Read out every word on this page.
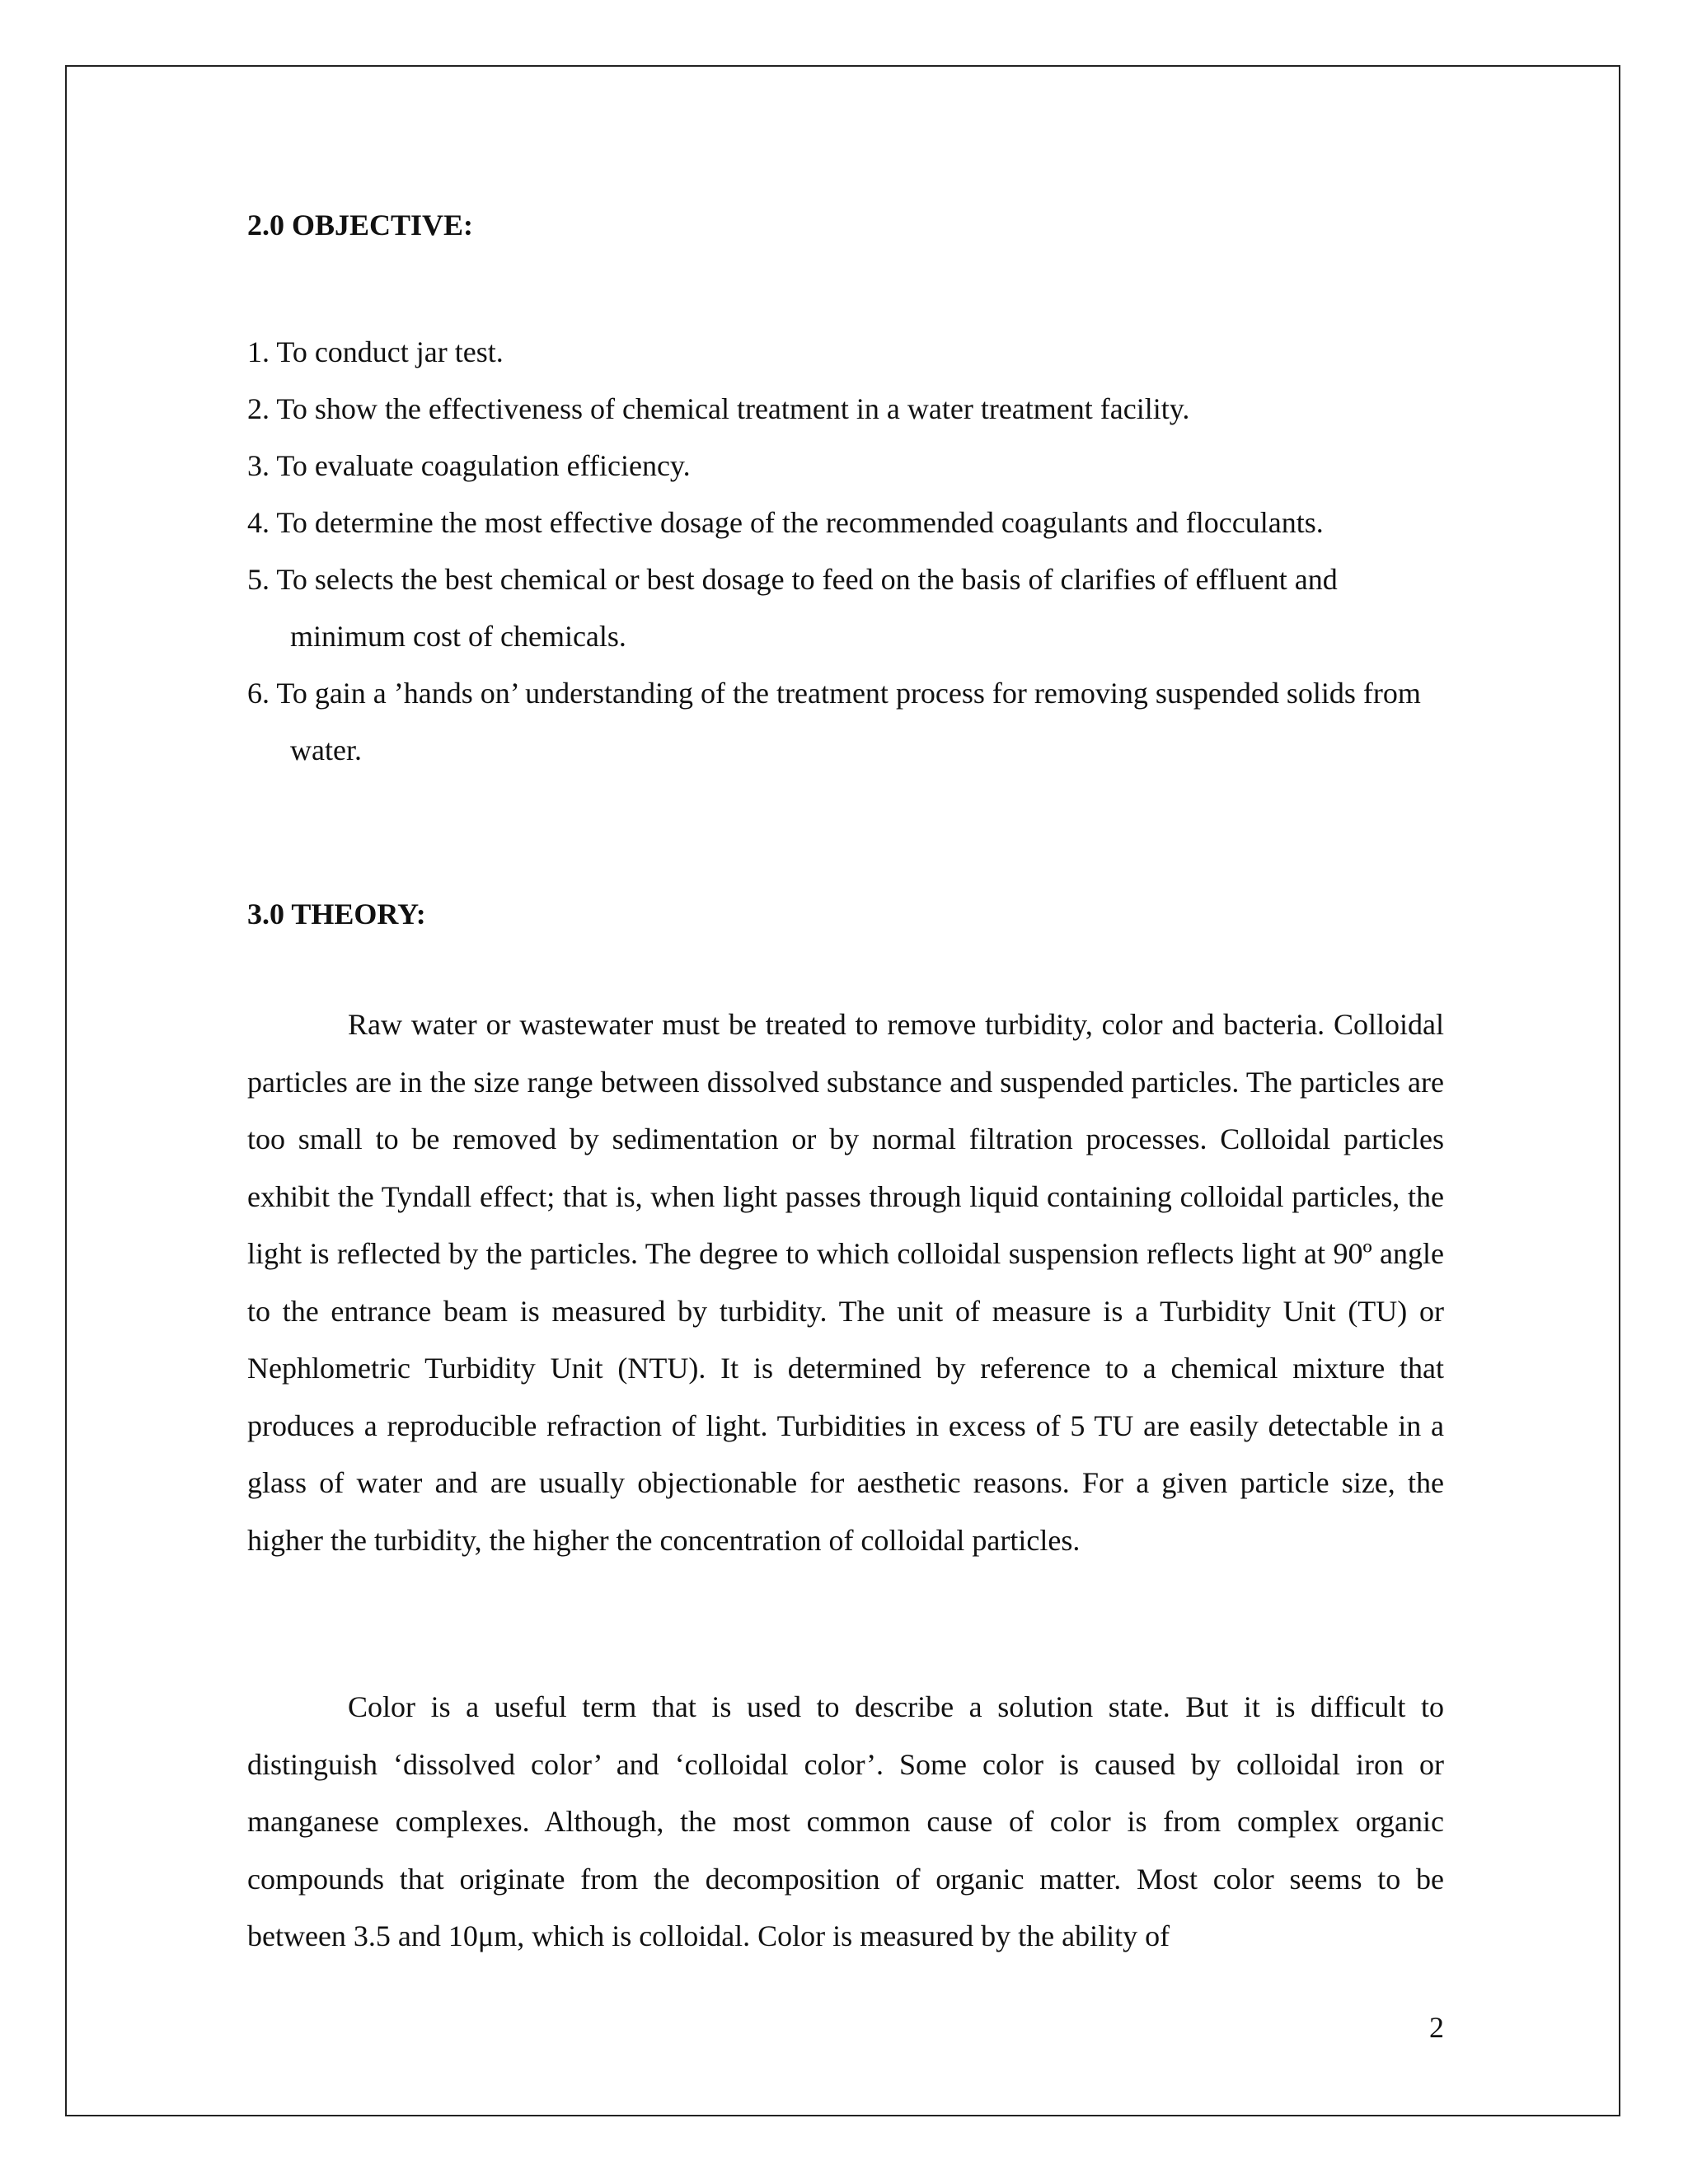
2.0 OBJECTIVE:
1. To conduct jar test.
2. To show the effectiveness of chemical treatment in a water treatment facility.
3. To evaluate coagulation efficiency.
4. To determine the most effective dosage of the recommended coagulants and flocculants.
5. To selects the best chemical or best dosage to feed on the basis of clarifies of effluent and minimum cost of chemicals.
6. To gain a ’hands on’ understanding of the treatment process for removing suspended solids from water.
3.0 THEORY:

Raw water or wastewater must be treated to remove turbidity, color and bacteria. Colloidal particles are in the size range between dissolved substance and suspended particles. The particles are too small to be removed by sedimentation or by normal filtration processes. Colloidal particles exhibit the Tyndall effect; that is, when light passes through liquid containing colloidal particles, the light is reflected by the particles. The degree to which colloidal suspension reflects light at 90º angle to the entrance beam is measured by turbidity. The unit of measure is a Turbidity Unit (TU) or Nephlometric Turbidity Unit (NTU). It is determined by reference to a chemical mixture that produces a reproducible refraction of light. Turbidities in excess of 5 TU are easily detectable in a glass of water and are usually objectionable for aesthetic reasons. For a given particle size, the higher the turbidity, the higher the concentration of colloidal particles.

Color is a useful term that is used to describe a solution state. But it is difficult to distinguish ‘dissolved color’ and ‘colloidal color’. Some color is caused by colloidal iron or manganese complexes. Although, the most common cause of color is from complex organic compounds that originate from the decomposition of organic matter. Most color seems to be between 3.5 and 10μm, which is colloidal. Color is measured by the ability of

2
